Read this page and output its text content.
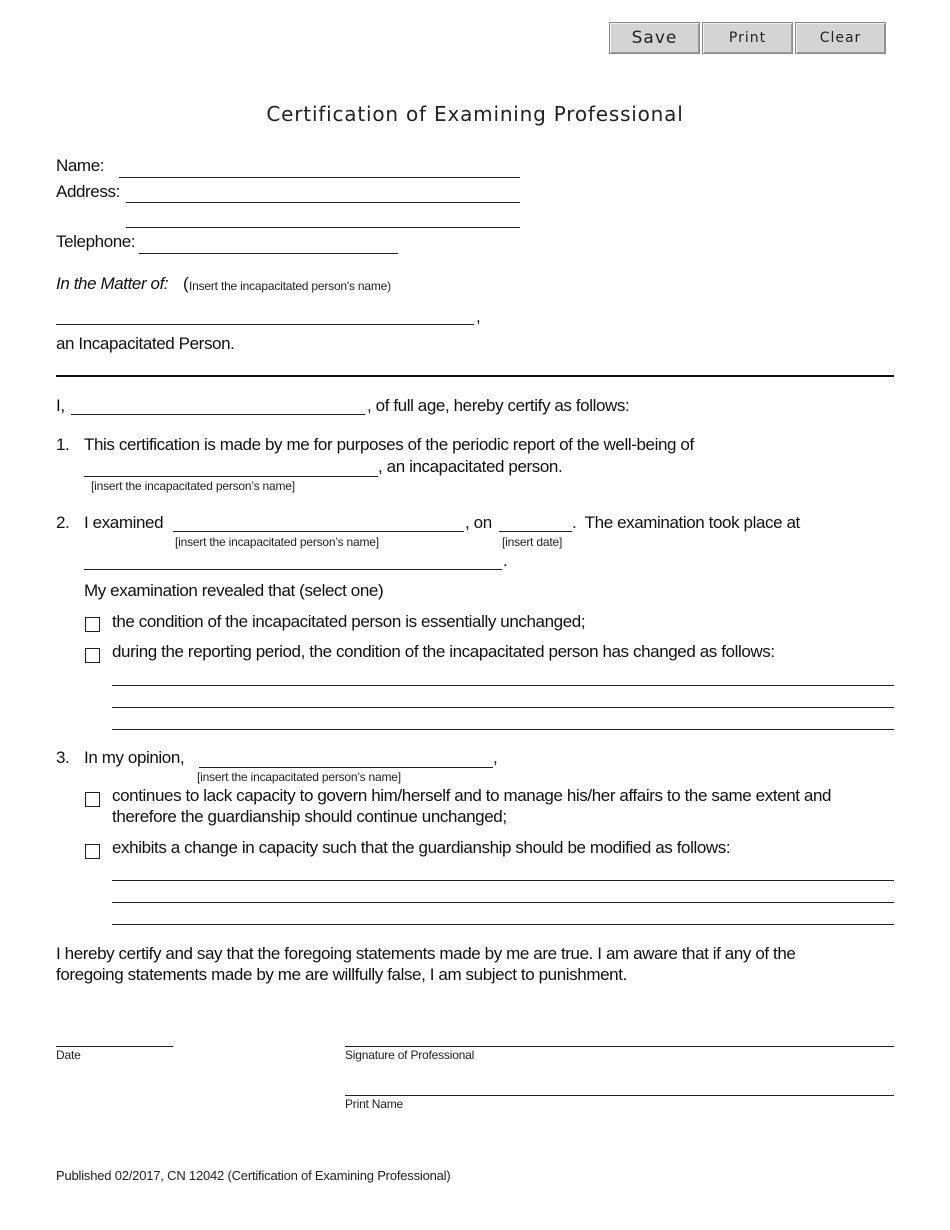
Save	Print	Clear
Certification of Examining Professional
Name:
Address:
Telephone:
In the Matter of: ( Insert the incapacitated person's name)
,
an Incapacitated Person.
I,	, of full age, hereby certify as follows:
1. This certification is made by me for purposes of the periodic report of the well-being of
, an incapacitated person.
[insert the incapacitated person’s name]
2. I examined	, on	.  The examination took place at
[insert the incapacitated person’s name]	[insert date]
.
My examination revealed that (select one)
the condition of the incapacitated person is essentially unchanged;
during the reporting period, the condition of the incapacitated person has changed as follows:
3. In my opinion,	,
[insert the incapacitated person’s name]
continues to lack capacity to govern him/herself and to manage his/her affairs to the same extent and
therefore the guardianship should continue unchanged;
exhibits a change in capacity such that the guardianship should be modified as follows:
I hereby certify and say that the foregoing statements made by me are true. I am aware that if any of the
foregoing statements made by me are willfully false, I am subject to punishment.
Date	Signature of Professional
Print Name
Published 02/2017, CN 12042 (Certification of Examining Professional)
